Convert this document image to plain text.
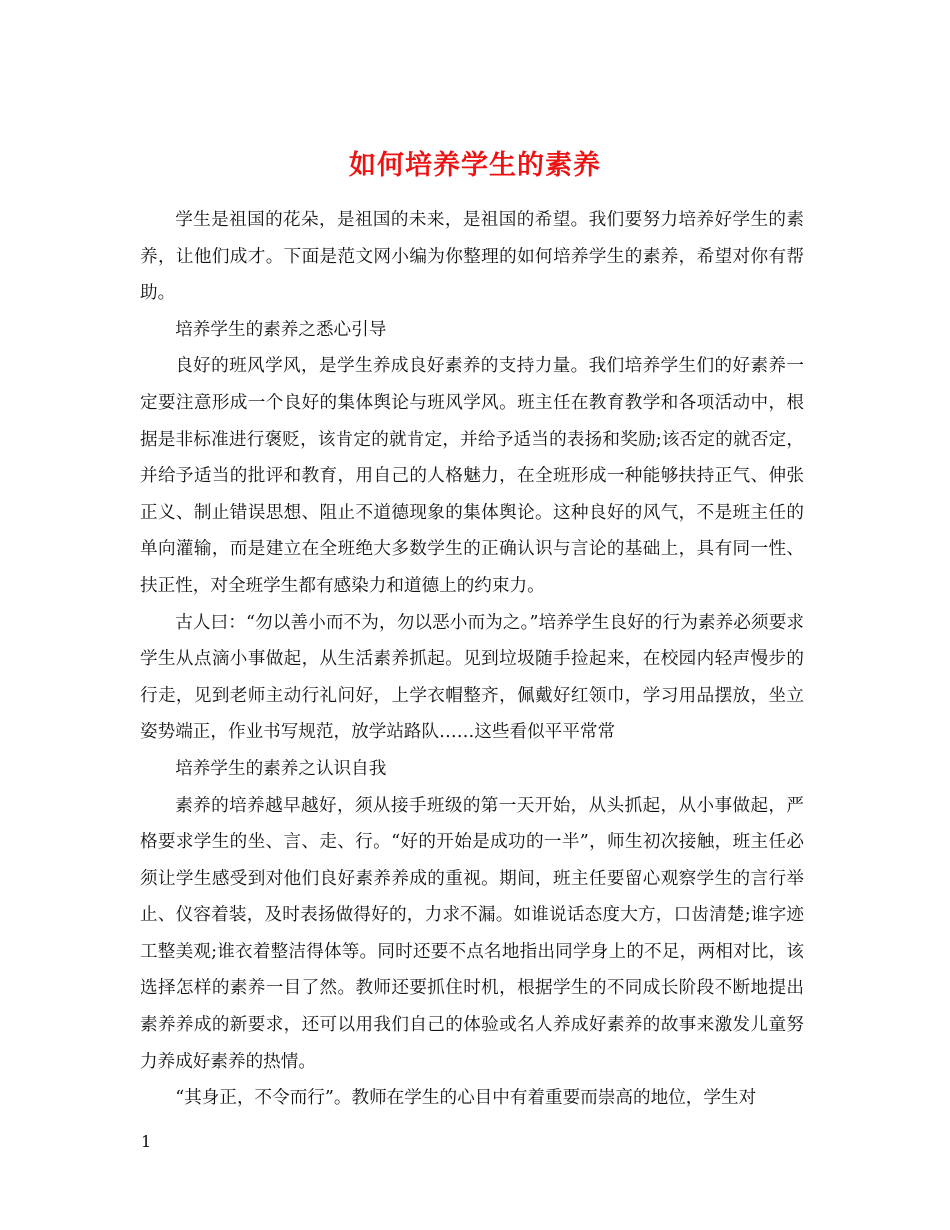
如何培养学生的素养

学生是祖国的花朵，是祖国的未来，是祖国的希望。我们要努力培养好学生的素养，让他们成才。下面是范文网小编为你整理的如何培养学生的素养，希望对你有帮助。

培养学生的素养之悉心引导

良好的班风学风，是学生养成良好素养的支持力量。我们培养学生们的好素养一定要注意形成一个良好的集体舆论与班风学风。班主任在教育教学和各项活动中，根据是非标准进行褒贬，该肯定的就肯定，并给予适当的表扬和奖励;该否定的就否定，并给予适当的批评和教育，用自己的人格魅力，在全班形成一种能够扶持正气、伸张正义、制止错误思想、阻止不道德现象的集体舆论。这种良好的风气，不是班主任的单向灌输，而是建立在全班绝大多数学生的正确认识与言论的基础上，具有同一性、扶正性，对全班学生都有感染力和道德上的约束力。

古人曰：“勿以善小而不为，勿以恶小而为之。”培养学生良好的行为素养必须要求学生从点滴小事做起，从生活素养抓起。见到垃圾随手捡起来，在校园内轻声慢步的行走，见到老师主动行礼问好，上学衣帽整齐，佩戴好红领巾，学习用品摆放，坐立姿势端正，作业书写规范，放学站路队……这些看似平平常常

培养学生的素养之认识自我

素养的培养越早越好，须从接手班级的第一天开始，从头抓起，从小事做起，严格要求学生的坐、言、走、行。“好的开始是成功的一半”，师生初次接触，班主任必须让学生感受到对他们良好素养养成的重视。期间，班主任要留心观察学生的言行举止、仪容着装，及时表扬做得好的，力求不漏。如谁说话态度大方，口齿清楚;谁字迹工整美观;谁衣着整洁得体等。同时还要不点名地指出同学身上的不足，两相对比，该选择怎样的素养一目了然。教师还要抓住时机，根据学生的不同成长阶段不断地提出素养养成的新要求，还可以用我们自己的体验或名人养成好素养的故事来激发儿童努力养成好素养的热情。

“其身正，不令而行”。教师在学生的心目中有着重要而崇高的地位，学生对

1
